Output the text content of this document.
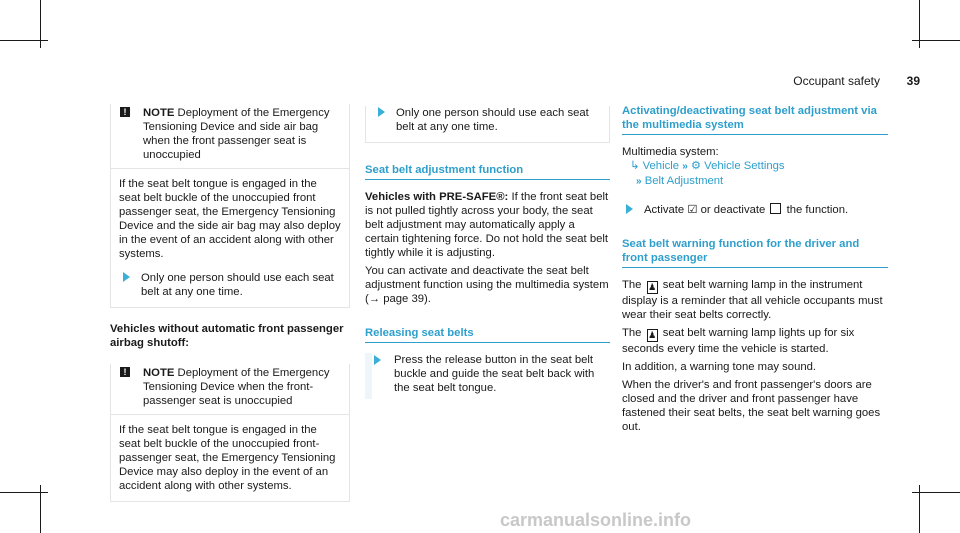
Occupant safety 39
!	NOTE Deployment of the Emergency Tensioning Device and side air bag when the front passenger seat is unoccupied

If the seat belt tongue is engaged in the seat belt buckle of the unoccupied front passenger seat, the Emergency Tensioning Device and the side air bag may also deploy in the event of an accident along with other systems.

Only one person should use each seat belt at any one time.

Vehicles without automatic front passenger airbag shutoff:

!	NOTE Deployment of the Emergency Tensioning Device when the front-passenger seat is unoccupied

If the seat belt tongue is engaged in the seat belt buckle of the unoccupied front-passenger seat, the Emergency Tensioning Device may also deploy in the event of an accident along with other systems.

Only one person should use each seat belt at any one time.

Seat belt adjustment function

Vehicles with PRE-SAFE®: If the front seat belt is not pulled tightly across your body, the seat belt adjustment may automatically apply a certain tightening force. Do not hold the seat belt tightly while it is adjusting.

You can activate and deactivate the seat belt adjustment function using the multimedia system (→ page 39).

Releasing seat belts

Press the release button in the seat belt buckle and guide the seat belt back with the seat belt tongue.

Activating/deactivating seat belt adjustment via the multimedia system

Multimedia system:

↳ Vehicle » ⚙ Vehicle Settings

» Belt Adjustment

Activate ☑ or deactivate the function.

Seat belt warning function for the driver and front passenger

The ♟ seat belt warning lamp in the instrument display is a reminder that all vehicle occupants must wear their seat belts correctly.

The ♟ seat belt warning lamp lights up for six seconds every time the vehicle is started.

In addition, a warning tone may sound.

When the driver's and front passenger's doors are closed and the driver and front passenger have fastened their seat belts, the seat belt warning goes out.

carmanualsonline.info
